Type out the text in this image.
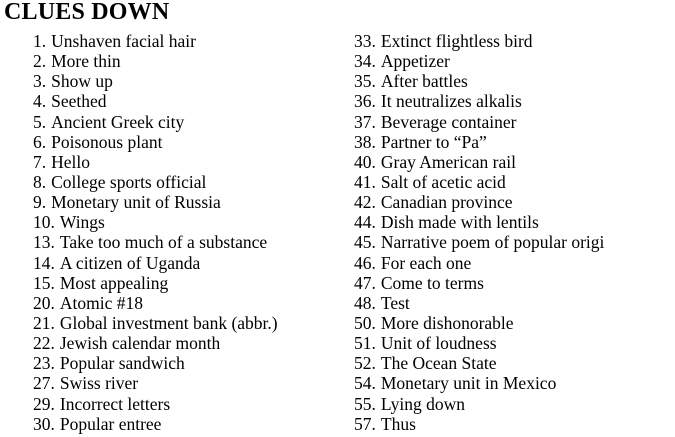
CLUES DOWN
1. Unshaven facial hair
2. More thin
3. Show up
4. Seethed
5. Ancient Greek city
6. Poisonous plant
7. Hello
8. College sports official
9. Monetary unit of Russia
10. Wings
13. Take too much of a substance
14. A citizen of Uganda
15. Most appealing
20. Atomic #18
21. Global investment bank (abbr.)
22. Jewish calendar month
23. Popular sandwich
27. Swiss river
29. Incorrect letters
30. Popular entree
33. Extinct flightless bird
34. Appetizer
35. After battles
36. It neutralizes alkalis
37. Beverage container
38. Partner to “Pa”
40. Gray American rail
41. Salt of acetic acid
42. Canadian province
44. Dish made with lentils
45. Narrative poem of popular origi
46. For each one
47. Come to terms
48. Test
50. More dishonorable
51. Unit of loudness
52. The Ocean State
54. Monetary unit in Mexico
55. Lying down
57. Thus
